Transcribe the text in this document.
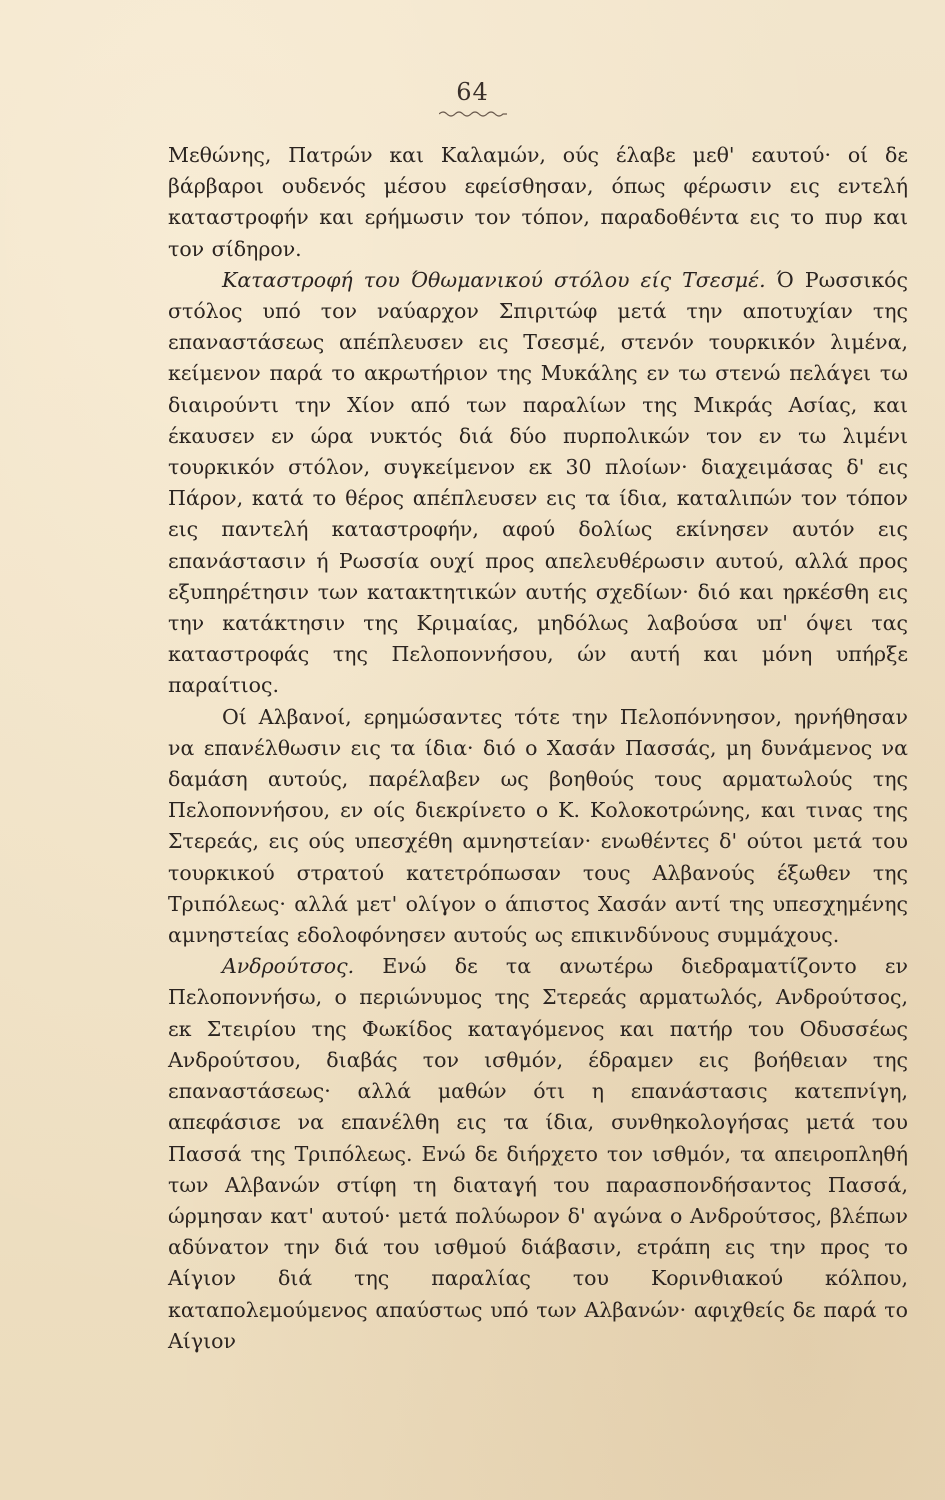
64

Μεθώνης, Πατρών και Καλαμών, ούς έλαβε μεθ' εαυτού· οί δε βάρβαροι ουδενός μέσου εφείσθησαν, όπως φέρωσιν εις εντελή καταστροφήν και ερήμωσιν τον τόπον, παραδοθέντα εις το πυρ και τον σίδηρον.

Καταστροφή του Όθωμανικού στόλου είς Τσεσμέ. Ό Ρωσσικός στόλος υπό τον ναύαρχον Σπιριτώφ μετά την αποτυχίαν της επαναστάσεως απέπλευσεν εις Τσεσμέ, στενόν τουρκικόν λιμένα, κείμενον παρά το ακρωτήριον της Μυκάλης εν τω στενώ πελάγει τω διαιρούντι την Χίον από των παραλίων της Μικράς Ασίας, και έκαυσεν εν ώρα νυκτός διά δύο πυρπολικών τον εν τω λιμένι τουρκικόν στόλον, συγκείμενον εκ 30 πλοίων· διαχειμάσας δ' εις Πάρον, κατά το θέρος απέπλευσεν εις τα ίδια, καταλιπών τον τόπον εις παντελή καταστροφήν, αφού δολίως εκίνησεν αυτόν εις επανάστασιν ή Ρωσσία ουχί προς απελευθέρωσιν αυτού, αλλά προς εξυπηρέτησιν των κατακτητικών αυτής σχεδίων· διό και ηρκέσθη εις την κατάκτησιν της Κριμαίας, μηδόλως λαβούσα υπ' όψει τας καταστροφάς της Πελοποννήσου, ών αυτή και μόνη υπήρξε παραίτιος.

Οί Αλβανοί, ερημώσαντες τότε την Πελοπόννησον, ηρνήθησαν να επανέλθωσιν εις τα ίδια· διό ο Χασάν Πασσάς, μη δυνάμενος να δαμάση αυτούς, παρέλαβεν ως βοηθούς τους αρματωλούς της Πελοποννήσου, εν οίς διεκρίνετο ο Κ. Κολοκοτρώνης, και τινας της Στερεάς, εις ούς υπεσχέθη αμνηστείαν· ενωθέντες δ' ούτοι μετά του τουρκικού στρατού κατετρόπωσαν τους Αλβανούς έξωθεν της Τριπόλεως· αλλά μετ' ολίγον ο άπιστος Χασάν αντί της υπεσχημένης αμνηστείας εδολοφόνησεν αυτούς ως επικινδύνους συμμάχους.

Ανδρούτσος. Ενώ δε τα ανωτέρω διεδραματίζοντο εν Πελοποννήσω, ο περιώνυμος της Στερεάς αρματωλός, Ανδρούτσος, εκ Στειρίου της Φωκίδος καταγόμενος και πατήρ του Οδυσσέως Ανδρούτσου, διαβάς τον ισθμόν, έδραμεν εις βοήθειαν της επαναστάσεως· αλλά μαθών ότι η επανάστασις κατεπνίγη, απεφάσισε να επανέλθη εις τα ίδια, συνθηκολογήσας μετά του Πασσά της Τριπόλεως. Ενώ δε διήρχετο τον ισθμόν, τα απειροπληθή των Αλβανών στίφη τη διαταγή του παρασπονδήσαντος Πασσά, ώρμησαν κατ' αυτού· μετά πολύωρον δ' αγώνα ο Ανδρούτσος, βλέπων αδύνατον την διά του ισθμού διάβασιν, ετράπη εις την προς το Αίγιον διά της παραλίας του Κορινθιακού κόλπου, καταπολεμούμενος απαύστως υπό των Αλβανών· αφιχθείς δε παρά το Αίγιον
